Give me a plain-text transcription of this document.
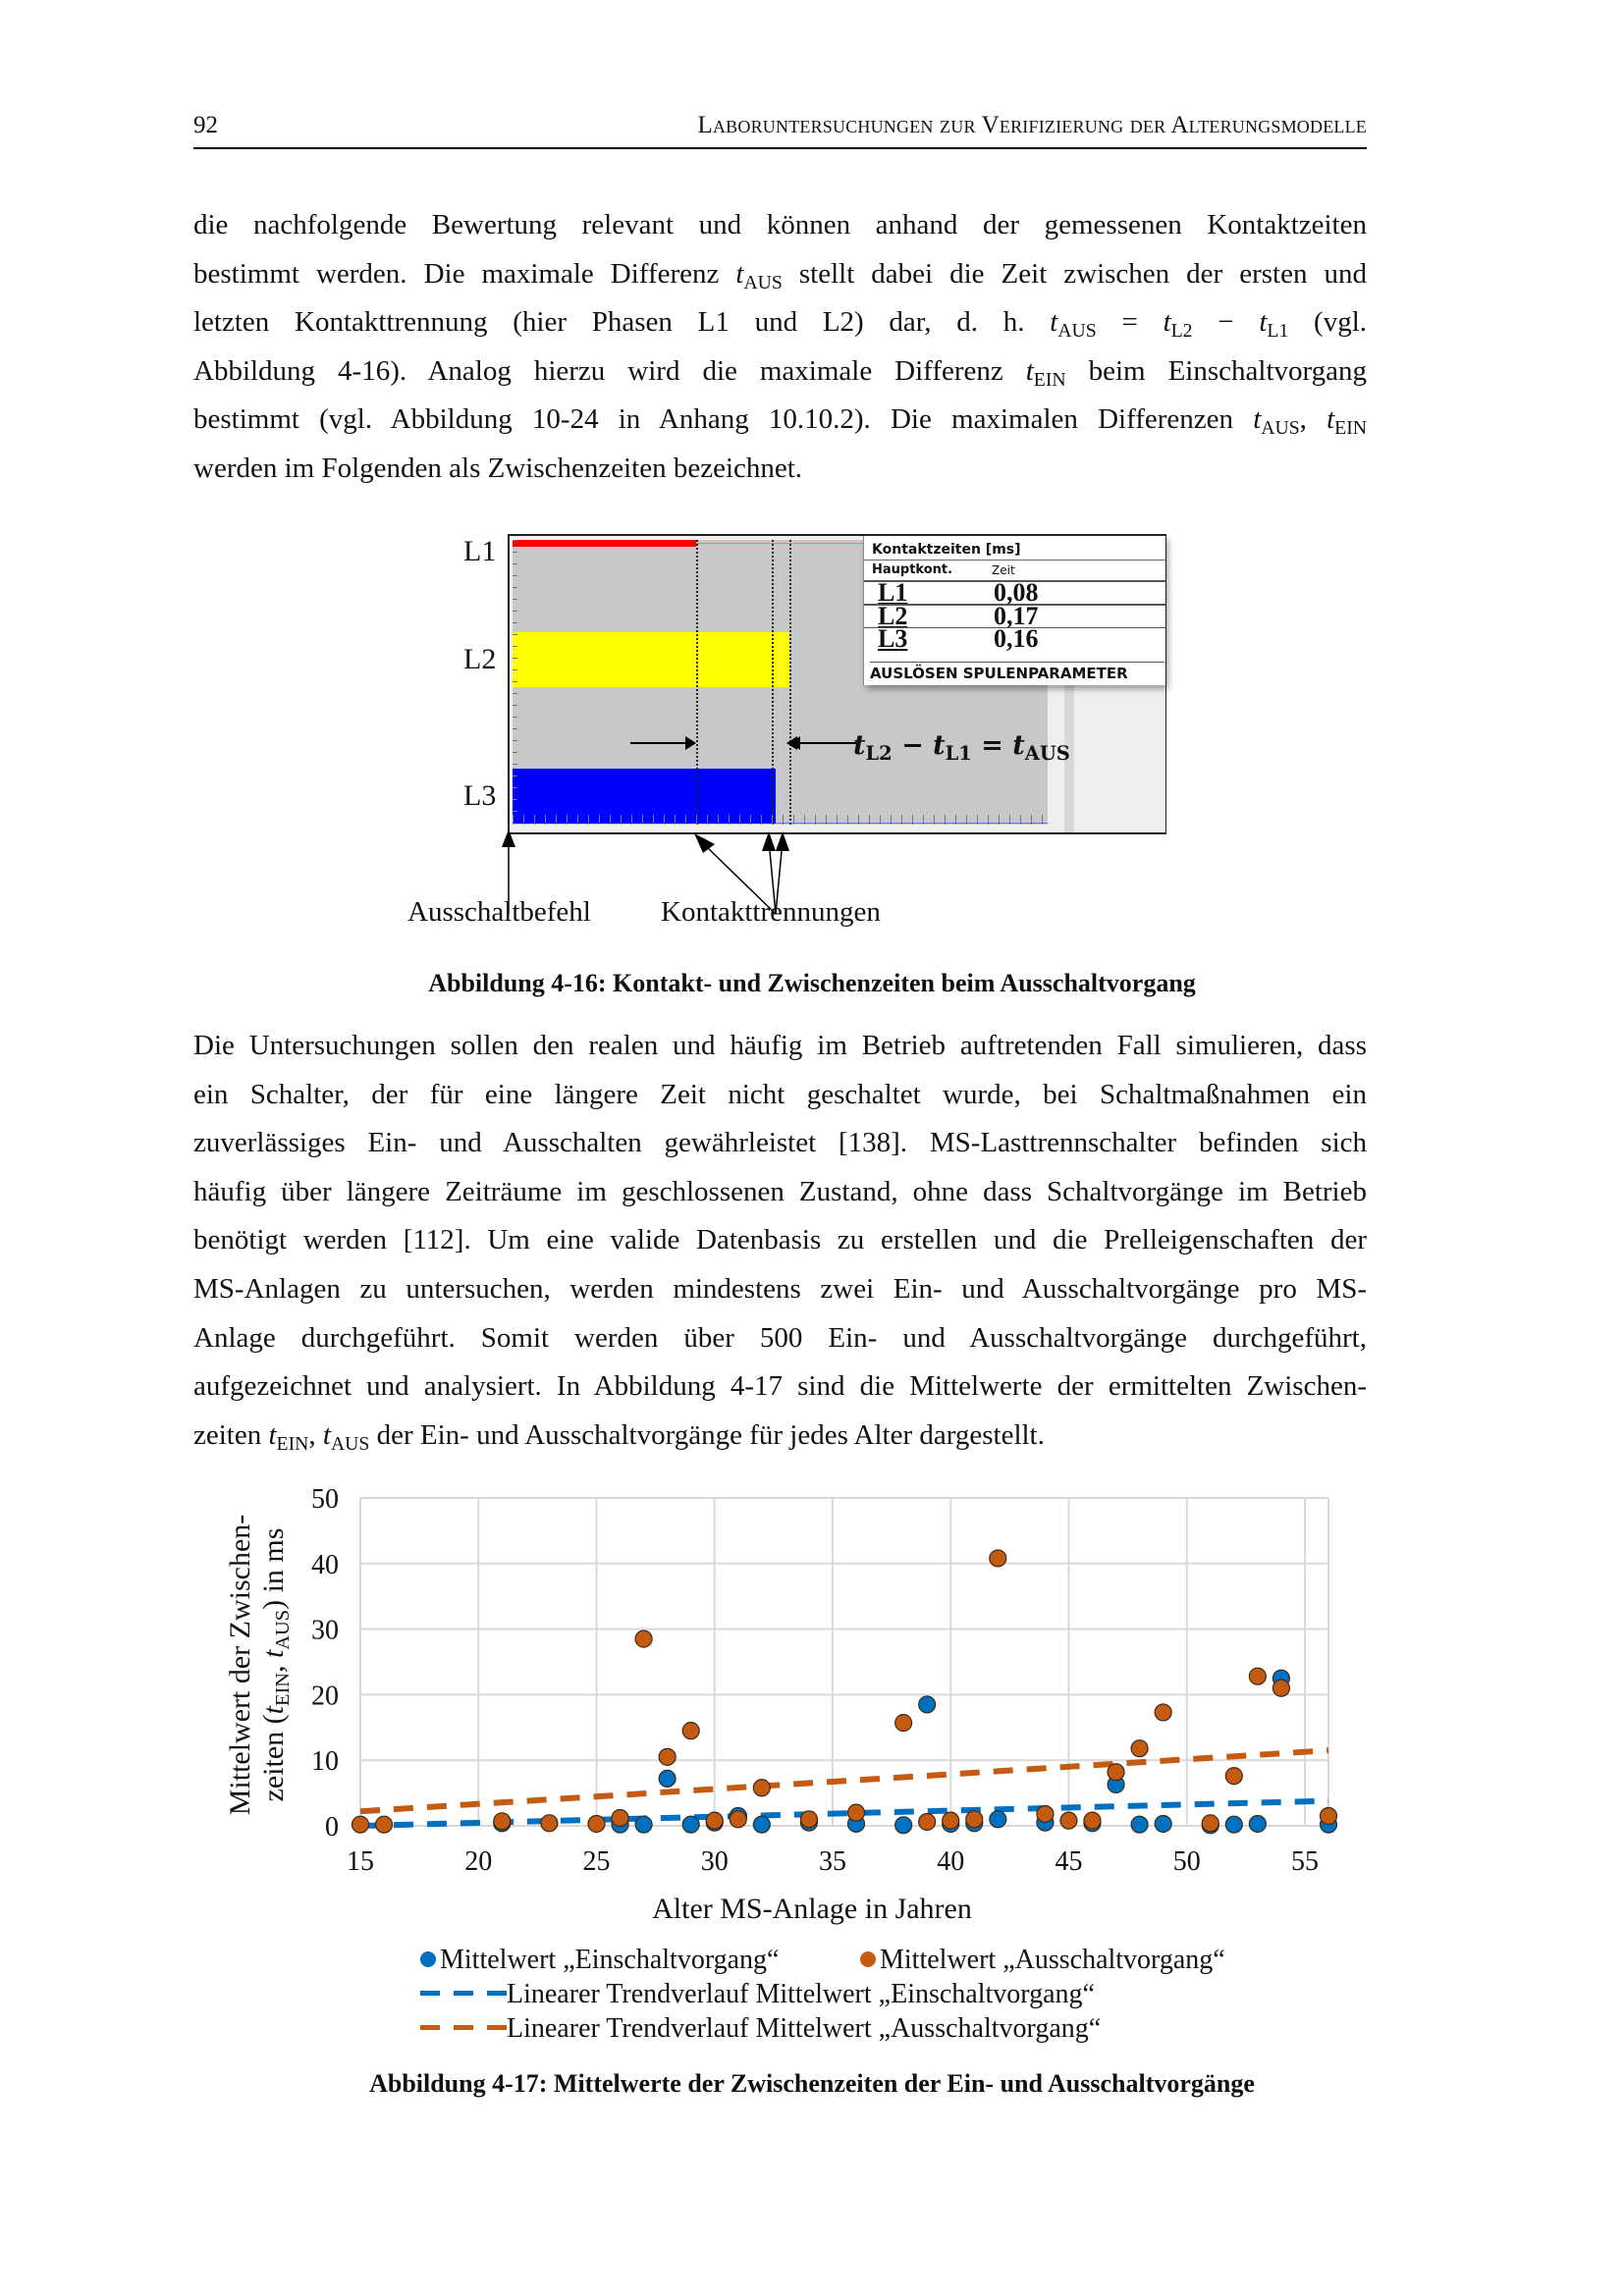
92	Laboruntersuchungen zur Verifizierung der Alterungsmodelle
die nachfolgende Bewertung relevant und können anhand der gemessenen Kontaktzeiten
bestimmt werden. Die maximale Differenz $t_{AUS}$ stellt dabei die Zeit zwischen der ersten und
letzten Kontakttrennung (hier Phasen L1 und L2) dar, d. h. $t_{AUS} = t_{L2} - t_{L1}$ (vgl.
Abbildung 4-16). Analog hierzu wird die maximale Differenz $t_{EIN}$ beim Einschaltvorgang
bestimmt (vgl. Abbildung 10-24 in Anhang 10.10.2). Die maximalen Differenzen $t_{AUS}$, $t_{EIN}$
werden im Folgenden als Zwischenzeiten bezeichnet.
L1
L2
L3
Kontaktzeiten [ms]
Hauptkont.	Zeit
L1	0,08
L2	0,17
L3	0,16
AUSLÖSEN SPULENPARAMETER
$t_{L2} - t_{L1} = t_{AUS}$
Ausschaltbefehl Kontakttrennungen
Abbildung 4-16: Kontakt- und Zwischenzeiten beim Ausschaltvorgang
Die Untersuchungen sollen den realen und häufig im Betrieb auftretenden Fall simulieren, dass
ein Schalter, der für eine längere Zeit nicht geschaltet wurde, bei Schaltmaßnahmen ein
zuverlässiges Ein- und Ausschalten gewährleistet [138]. MS-Lasttrennschalter befinden sich
häufig über längere Zeiträume im geschlossenen Zustand, ohne dass Schaltvorgänge im Betrieb
benötigt werden [112]. Um eine valide Datenbasis zu erstellen und die Prelleigenschaften der
MS-Anlagen zu untersuchen, werden mindestens zwei Ein- und Ausschaltvorgänge pro MS-
Anlage durchgeführt. Somit werden über 500 Ein- und Ausschaltvorgänge durchgeführt,
aufgezeichnet und analysiert. In Abbildung 4-17 sind die Mittelwerte der ermittelten Zwischen-
zeiten $t_{EIN}$, $t_{AUS}$ der Ein- und Ausschaltvorgänge für jedes Alter dargestellt.
Mittelwert der Zwischen- zeiten ($t_{EIN}$, $t_{AUS}$) in ms
0
10
20
30
40
50
15	20	25	30	35	40	45	50	55
Alter MS-Anlage in Jahren
Mittelwert „Einschaltvorgang“	Mittelwert „Ausschaltvorgang“
Linearer Trendverlauf Mittelwert „Einschaltvorgang“
Linearer Trendverlauf Mittelwert „Ausschaltvorgang“
Abbildung 4-17: Mittelwerte der Zwischenzeiten der Ein- und Ausschaltvorgänge
